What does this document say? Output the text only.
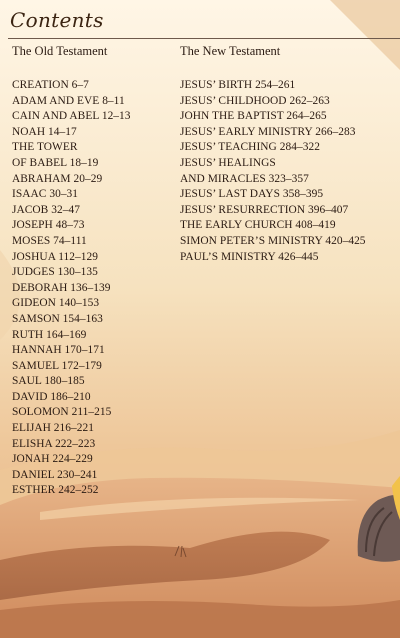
Contents
The Old Testament	The New Testament
CREATION 6–7
ADAM AND EVE 8–11
CAIN AND ABEL 12–13
NOAH 14–17
THE TOWER
OF BABEL 18–19
ABRAHAM 20–29
ISAAC 30–31
JACOB 32–47
JOSEPH 48–73
MOSES 74–111
JOSHUA 112–129
JUDGES 130–135
DEBORAH 136–139
GIDEON 140–153
SAMSON 154–163
RUTH 164–169
HANNAH 170–171
SAMUEL 172–179
SAUL 180–185
DAVID 186–210
SOLOMON 211–215
ELIJAH 216–221
ELISHA 222–223
JONAH 224–229
DANIEL 230–241
ESTHER 242–252
JESUS’ BIRTH 254–261
JESUS’ CHILDHOOD 262–263
JOHN THE BAPTIST 264–265
JESUS’ EARLY MINISTRY 266–283
JESUS’ TEACHING 284–322
JESUS’ HEALINGS
AND MIRACLES 323–357
JESUS’ LAST DAYS 358–395
JESUS’ RESURRECTION 396–407
THE EARLY CHURCH 408–419
SIMON PETER’S MINISTRY 420–425
PAUL’S MINISTRY 426–445
